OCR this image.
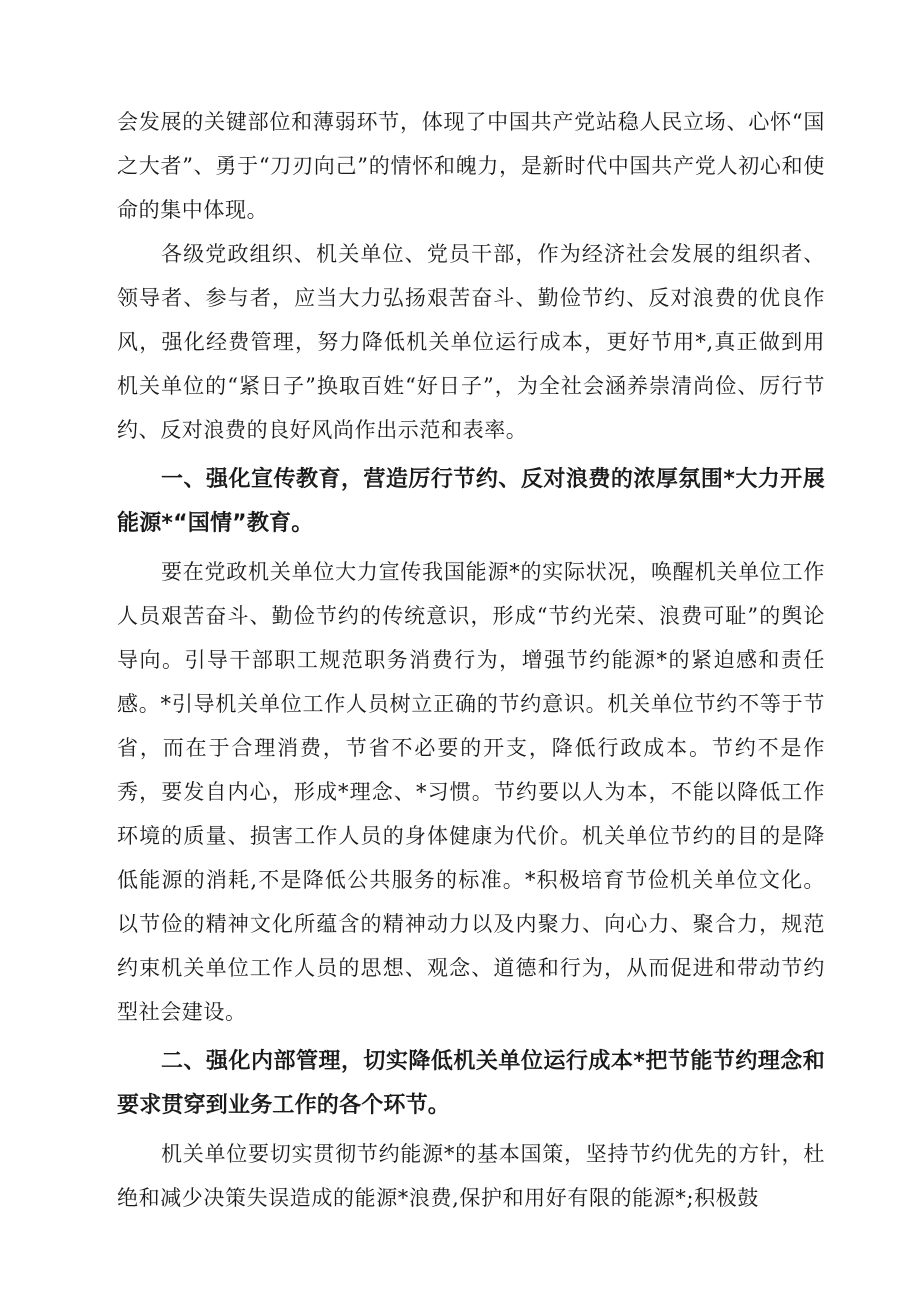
会发展的关键部位和薄弱环节，体现了中国共产党站稳人民立场、心怀“国之大者”、勇于“刀刃向己”的情怀和魄力，是新时代中国共产党人初心和使命的集中体现。

各级党政组织、机关单位、党员干部，作为经济社会发展的组织者、领导者、参与者，应当大力弘扬艰苦奋斗、勤俭节约、反对浪费的优良作风，强化经费管理，努力降低机关单位运行成本，更好节用*,真正做到用机关单位的“紧日子”换取百姓“好日子”，为全社会涵养崇清尚俭、厉行节约、反对浪费的良好风尚作出示范和表率。

一、强化宣传教育，营造厉行节约、反对浪费的浓厚氛围*大力开展能源*“国情”教育。

要在党政机关单位大力宣传我国能源*的实际状况，唤醒机关单位工作人员艰苦奋斗、勤俭节约的传统意识，形成“节约光荣、浪费可耻”的舆论导向。引导干部职工规范职务消费行为，增强节约能源*的紧迫感和责任感。*引导机关单位工作人员树立正确的节约意识。机关单位节约不等于节省，而在于合理消费，节省不必要的开支，降低行政成本。节约不是作秀，要发自内心，形成*理念、*习惯。节约要以人为本，不能以降低工作环境的质量、损害工作人员的身体健康为代价。机关单位节约的目的是降低能源的消耗,不是降低公共服务的标准。*积极培育节俭机关单位文化。以节俭的精神文化所蕴含的精神动力以及内聚力、向心力、聚合力，规范约束机关单位工作人员的思想、观念、道德和行为，从而促进和带动节约型社会建设。

二、强化内部管理，切实降低机关单位运行成本*把节能节约理念和要求贯穿到业务工作的各个环节。

机关单位要切实贯彻节约能源*的基本国策，坚持节约优先的方针，杜绝和减少决策失误造成的能源*浪费,保护和用好有限的能源*;积极鼓
